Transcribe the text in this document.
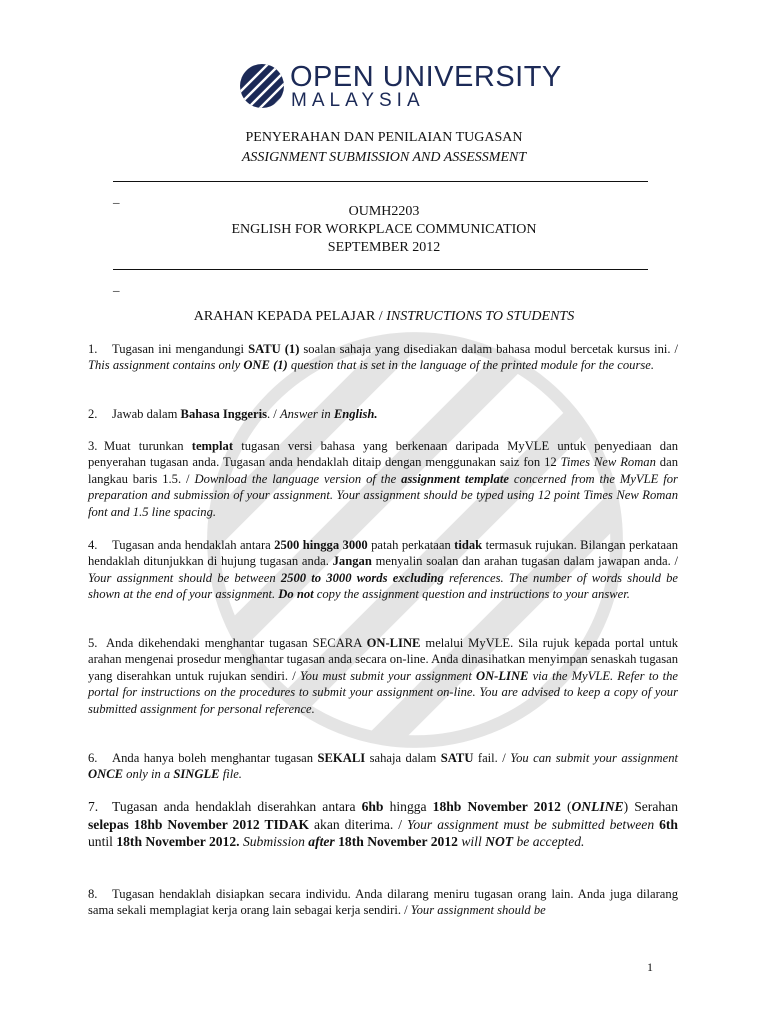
OPEN UNIVERSITY
MALAYSIA
PENYERAHAN DAN PENILAIAN TUGASAN
ASSIGNMENT SUBMISSION AND ASSESSMENT
_
OUMH2203
ENGLISH FOR WORKPLACE COMMUNICATION
SEPTEMBER 2012
_
ARAHAN KEPADA PELAJAR / INSTRUCTIONS TO STUDENTS
1. Tugasan ini mengandungi SATU (1) soalan sahaja yang disediakan dalam bahasa modul bercetak kursus ini. / This assignment contains only ONE (1) question that is set in the language of the printed module for the course.
2. Jawab dalam Bahasa Inggeris. / Answer in English.
3. Muat turunkan templat tugasan versi bahasa yang berkenaan daripada MyVLE untuk penyediaan dan penyerahan tugasan anda. Tugasan anda hendaklah ditaip dengan menggunakan saiz fon 12 Times New Roman dan langkau baris 1.5. / Download the language version of the assignment template concerned from the MyVLE for preparation and submission of your assignment. Your assignment should be typed using 12 point Times New Roman font and 1.5 line spacing.
4. Tugasan anda hendaklah antara 2500 hingga 3000 patah perkataan tidak termasuk rujukan. Bilangan perkataan hendaklah ditunjukkan di hujung tugasan anda. Jangan menyalin soalan dan arahan tugasan dalam jawapan anda. / Your assignment should be between 2500 to 3000 words excluding references. The number of words should be shown at the end of your assignment. Do not copy the assignment question and instructions to your answer.
5. Anda dikehendaki menghantar tugasan SECARA ON-LINE melalui MyVLE. Sila rujuk kepada portal untuk arahan mengenai prosedur menghantar tugasan anda secara on-line. Anda dinasihatkan menyimpan senaskah tugasan yang diserahkan untuk rujukan sendiri. / You must submit your assignment ON-LINE via the MyVLE. Refer to the portal for instructions on the procedures to submit your assignment on-line. You are advised to keep a copy of your submitted assignment for personal reference.
6. Anda hanya boleh menghantar tugasan SEKALI sahaja dalam SATU fail. / You can submit your assignment ONCE only in a SINGLE file.
7. Tugasan anda hendaklah diserahkan antara 6hb hingga 18hb November 2012 (ONLINE) Serahan selepas 18hb November 2012 TIDAK akan diterima. / Your assignment must be submitted between 6th until 18th November 2012. Submission after 18th November 2012 will NOT be accepted.
8. Tugasan hendaklah disiapkan secara individu. Anda dilarang meniru tugasan orang lain. Anda juga dilarang sama sekali memplagiat kerja orang lain sebagai kerja sendiri. / Your assignment should be
1
